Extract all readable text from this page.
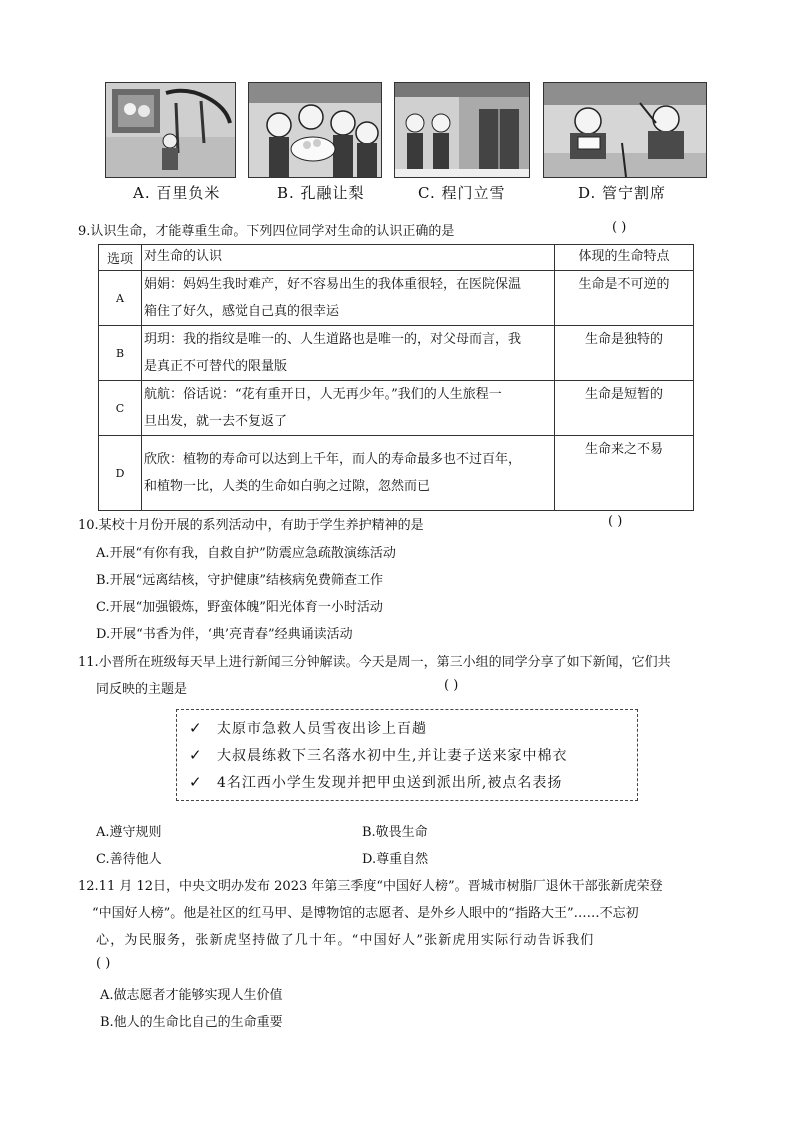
A. 百里负米	B. 孔融让梨	C. 程门立雪	D. 管宁割席
9.认识生命，才能尊重生命。下列四位同学对生命的认识正确的是	( )
选项	对生命的认识	体现的生命特点
A	娟娟：妈妈生我时难产，好不容易出生的我体重很轻，在医院保温
箱住了好久，感觉自己真的很幸运	生命是不可逆的
B	玥玥：我的指纹是唯一的、人生道路也是唯一的，对父母而言，我
是真正不可替代的限量版	生命是独特的
C	航航：俗话说：“花有重开日，人无再少年。”我们的人生旅程一
旦出发，就一去不复返了	生命是短暂的
D	欣欣：植物的寿命可以达到上千年，而人的寿命最多也不过百年，
和植物一比，人类的生命如白驹之过隙，忽然而已	生命来之不易
10.某校十月份开展的系列活动中，有助于学生养护精神的是	( )
A.开展“有你有我，自救自护”防震应急疏散演练活动
B.开展“远离结核，守护健康”结核病免费筛查工作
C.开展“加强锻炼，野蛮体魄”阳光体育一小时活动
D.开展“书香为伴，‘典’亮青春”经典诵读活动
11.小晋所在班级每天早上进行新闻三分钟解读。今天是周一，第三小组的同学分享了如下新闻，它们共
同反映的主题是	( )
✓ 太原市急救人员雪夜出诊上百趟
✓ 大叔晨练救下三名落水初中生,并让妻子送来家中棉衣
✓ 4名江西小学生发现并把甲虫送到派出所,被点名表扬
A.遵守规则	B.敬畏生命
C.善待他人	D.尊重自然
12.11 月 12日，中央文明办发布 2023 年第三季度“中国好人榜”。晋城市树脂厂退休干部张新虎荣登
“中国好人榜”。他是社区的红马甲、是博物馆的志愿者、是外乡人眼中的“指路大王”……不忘初
心，为民服务，张新虎坚持做了几十年。“中国好人”张新虎用实际行动告诉我们
( )
A.做志愿者才能够实现人生价值
B.他人的生命比自己的生命重要
